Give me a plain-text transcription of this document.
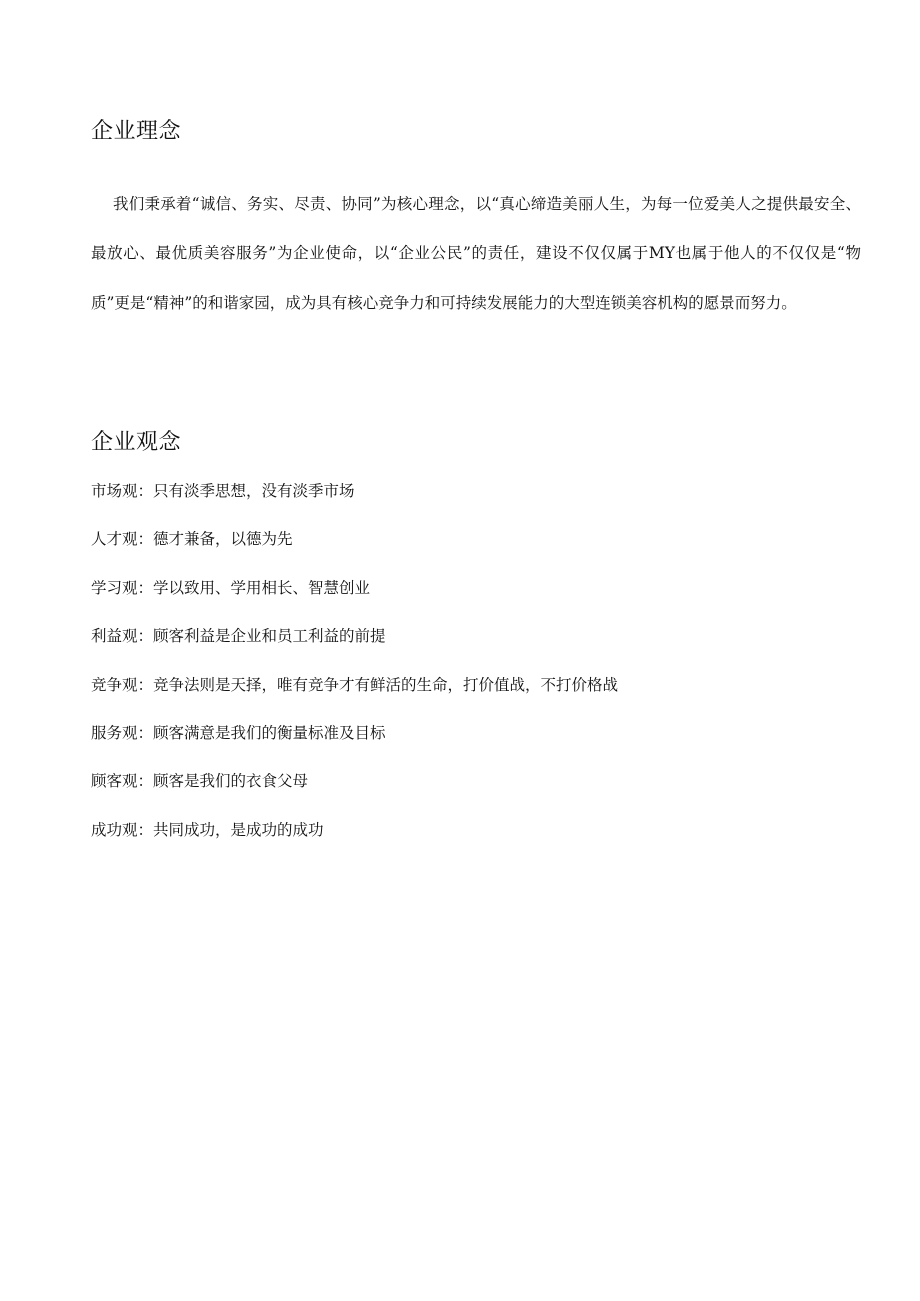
企业理念

我们秉承着“诚信、务实、尽责、协同”为核心理念，以“真心缔造美丽人生，为每一位爱美人之提供最安全、最放心、最优质美容服务”为企业使命，以“企业公民”的责任，建设不仅仅属于MY也属于他人的不仅仅是“物质”更是“精神”的和谐家园，成为具有核心竞争力和可持续发展能力的大型连锁美容机构的愿景而努力。

企业观念
市场观：只有淡季思想，没有淡季市场
人才观：德才兼备，以德为先
学习观：学以致用、学用相长、智慧创业
利益观：顾客利益是企业和员工利益的前提
竞争观：竞争法则是天择，唯有竞争才有鲜活的生命，打价值战，不打价格战
服务观：顾客满意是我们的衡量标准及目标
顾客观：顾客是我们的衣食父母
成功观：共同成功，是成功的成功
